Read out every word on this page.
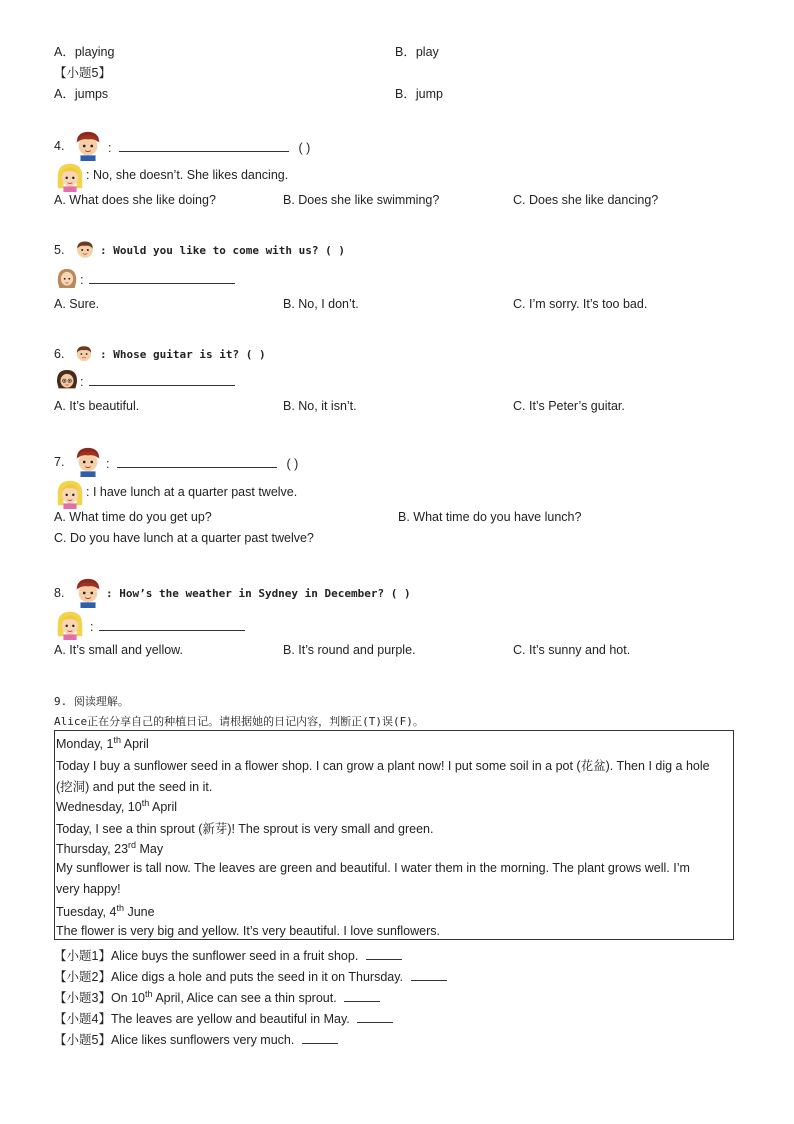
A．playing	B．play
【小题5】
A．jumps	B．jump
4.	:	( )
: No, she doesn’t. She likes dancing.
A. What does she like doing?	B. Does she like swimming?	C. Does she like dancing?
5.	: Would you like to come with us? ( )
:
A. Sure.	B. No, I don’t.	C. I’m sorry. It’s too bad.
6.	: Whose guitar is it? ( )
:
A. It’s beautiful.	B. No, it isn’t.	C. It’s Peter’s guitar.
7.	:	( )
: I have lunch at a quarter past twelve.
A. What time do you get up?	B. What time do you have lunch?
C. Do you have lunch at a quarter past twelve?
8.	: How’s the weather in Sydney in December? ( )
:
A. It’s small and yellow.	B. It’s round and purple.	C. It’s sunny and hot.
9. 阅读理解。
Alice正在分享自己的种植日记。请根据她的日记内容，判断正(T)误(F)。
Monday, 1th April
Today I buy a sunflower seed in a flower shop. I can grow a plant now! I put some soil in a pot (花盆). Then I dig a hole
(挖洞) and put the seed in it.
Wednesday, 10th April
Today, I see a thin sprout (新芽)! The sprout is very small and green.
Thursday, 23rd May
My sunflower is tall now. The leaves are green and beautiful. I water them in the morning. The plant grows well. I’m
very happy!
Tuesday, 4th June
The flower is very big and yellow. It’s very beautiful. I love sunflowers.
【小题1】Alice buys the sunflower seed in a fruit shop.
【小题2】Alice digs a hole and puts the seed in it on Thursday.
【小题3】On 10th April, Alice can see a thin sprout.
【小题4】The leaves are yellow and beautiful in May.
【小题5】Alice likes sunflowers very much.
